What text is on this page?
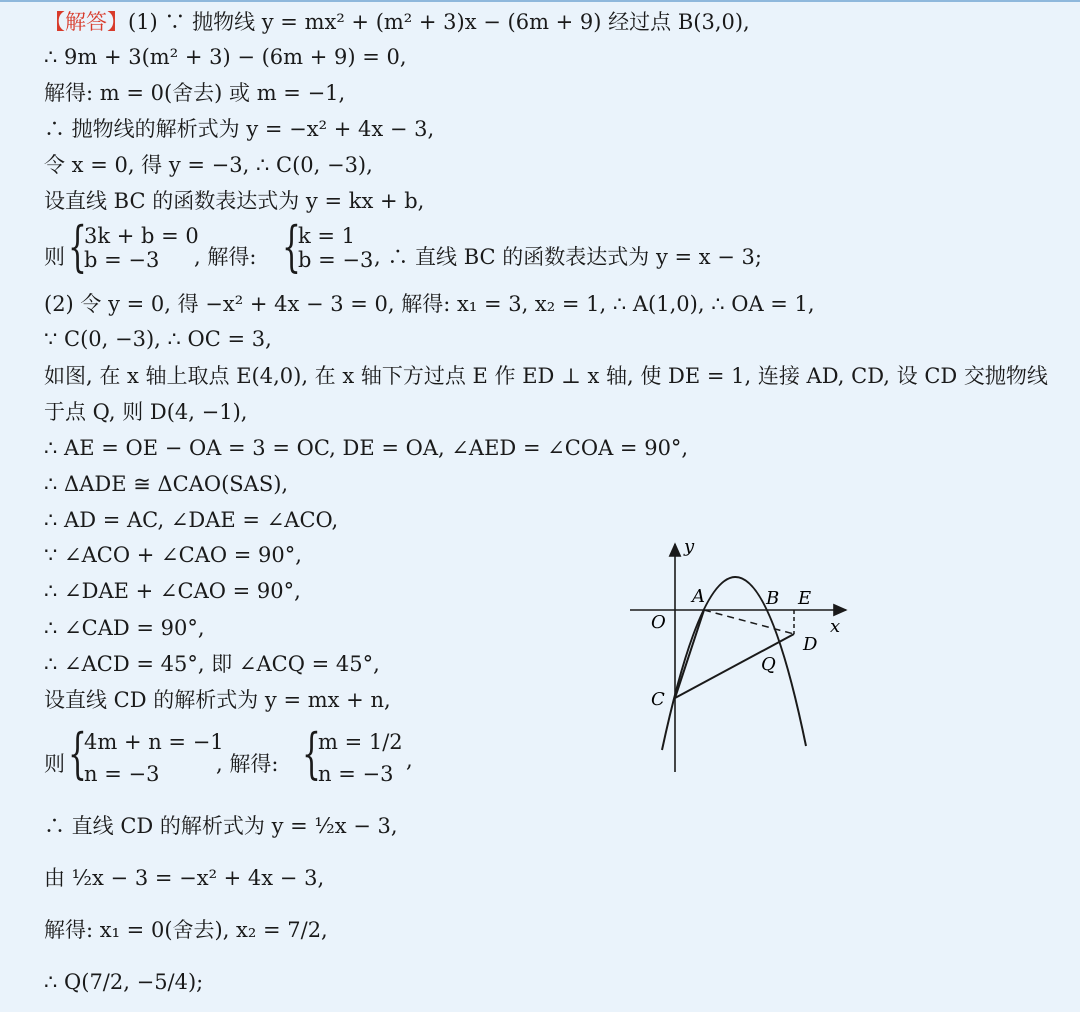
【解答】(1) ∵ 抛物线 y = mx² + (m² + 3)x − (6m + 9) 经过点 B(3,0),
∴ 9m + 3(m² + 3) − (6m + 9) = 0,
解得: m = 0(舍去) 或 m = −1,
∴ 抛物线的解析式为 y = −x² + 4x − 3,
令 x = 0, 得 y = −3, ∴ C(0, −3),
设直线 BC 的函数表达式为 y = kx + b,
则 {
3k + b = 0
b = −3	, 解得: {
k = 1
b = −3 , ∴ 直线 BC 的函数表达式为 y = x − 3;
(2) 令 y = 0, 得 −x² + 4x − 3 = 0, 解得: x₁ = 3, x₂ = 1, ∴ A(1,0), ∴ OA = 1,
∵ C(0, −3), ∴ OC = 3,
如图, 在 x 轴上取点 E(4,0), 在 x 轴下方过点 E 作 ED ⊥ x 轴, 使 DE = 1, 连接 AD, CD, 设 CD 交抛物线
于点 Q, 则 D(4, −1),
∴ AE = OE − OA = 3 = OC, DE = OA, ∠AED = ∠COA = 90°,
∴ ΔADE ≅ ΔCAO(SAS),
∴ AD = AC, ∠DAE = ∠ACO,
∵ ∠ACO + ∠CAO = 90°,
∴ ∠DAE + ∠CAO = 90°,
∴ ∠CAD = 90°,
∴ ∠ACD = 45°, 即 ∠ACQ = 45°,
设直线 CD 的解析式为 y = mx + n,
则 {
4m + n = −1
n = −3	, 解得: {
m = 1/2
n = −3
,
∴ 直线 CD 的解析式为 y = ½x − 3,
由 ½x − 3 = −x² + 4x − 3,
解得: x₁ = 0(舍去), x₂ = 7/2,
∴ Q(7/2, −5/4);
y
x
O
A	B E
C
D
Q
